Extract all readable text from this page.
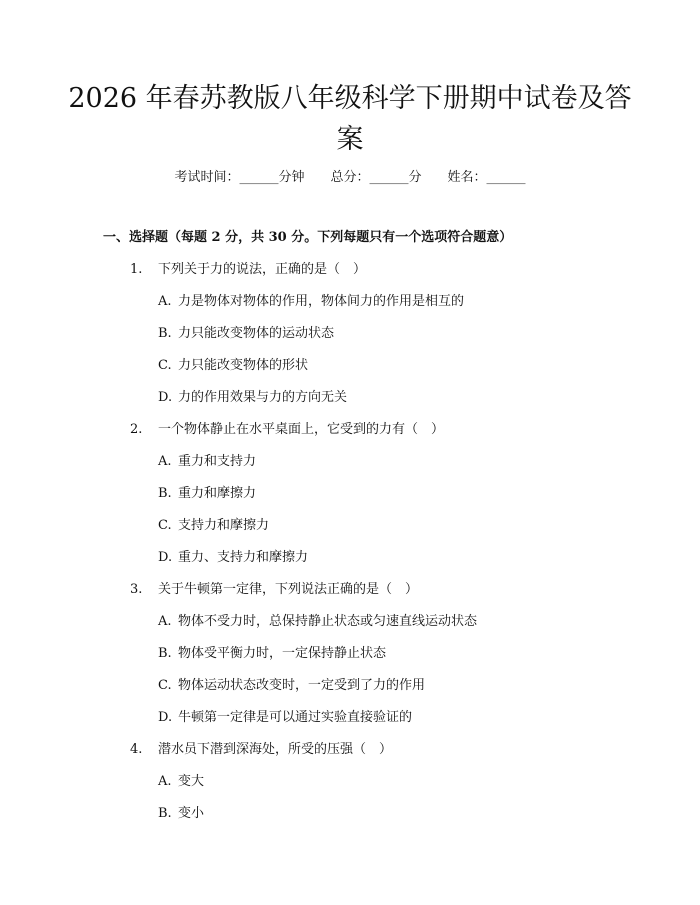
2026 年春苏教版八年级科学下册期中试卷及答案
考试时间：______分钟 总分：______分 姓名：______
一、选择题（每题 2 分，共 30 分。下列每题只有一个选项符合题意）
1. 下列关于力的说法，正确的是（　）
A. 力是物体对物体的作用，物体间力的作用是相互的
B. 力只能改变物体的运动状态
C. 力只能改变物体的形状
D. 力的作用效果与力的方向无关
2. 一个物体静止在水平桌面上，它受到的力有（　）
A. 重力和支持力
B. 重力和摩擦力
C. 支持力和摩擦力
D. 重力、支持力和摩擦力
3. 关于牛顿第一定律，下列说法正确的是（　）
A. 物体不受力时，总保持静止状态或匀速直线运动状态
B. 物体受平衡力时，一定保持静止状态
C. 物体运动状态改变时，一定受到了力的作用
D. 牛顿第一定律是可以通过实验直接验证的
4. 潜水员下潜到深海处，所受的压强（　）
A. 变大
B. 变小
